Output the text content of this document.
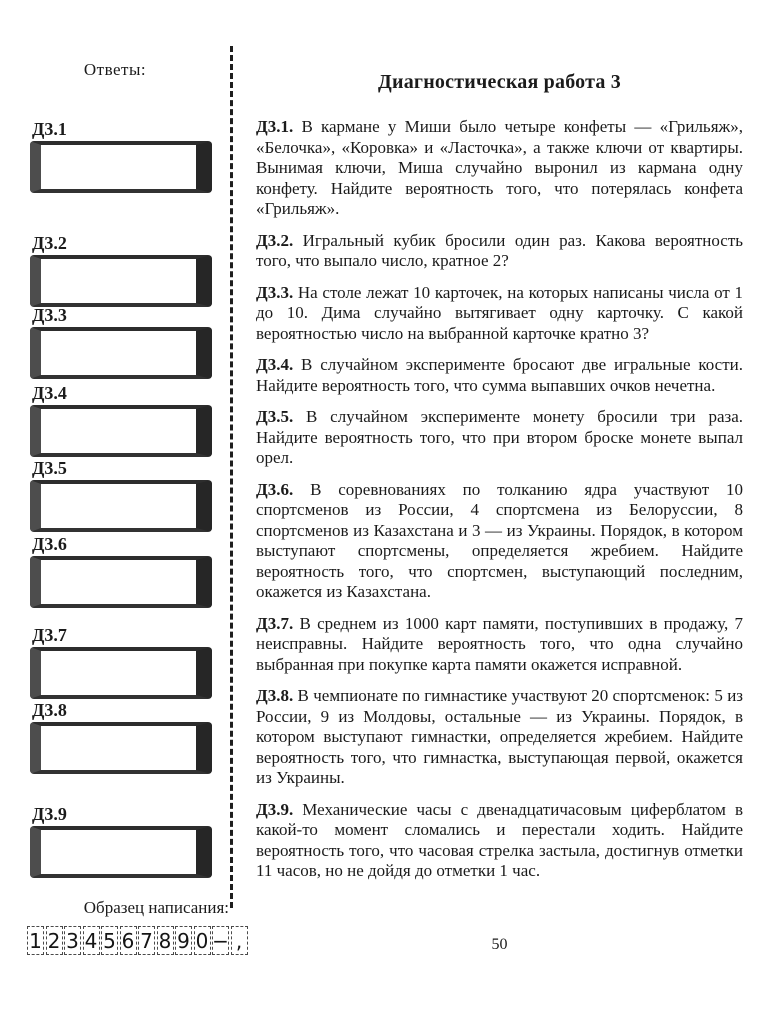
Ответы:
Д3.1
Д3.2
Д3.3
Д3.4
Д3.5
Д3.6
Д3.7
Д3.8
Д3.9
Образец написания:
1 2 3 4 5 6 7 8 9 0 − ,
Диагностическая работа 3

Д3.1. В кармане у Миши было четыре конфеты — «Грильяж», «Белочка», «Коровка» и «Ласточка», а также ключи от квартиры. Вынимая ключи, Миша случайно выронил из кармана одну конфету. Найдите вероятность того, что потерялась конфета «Грильяж».

Д3.2. Игральный кубик бросили один раз. Какова вероятность того, что выпало число, кратное 2?

Д3.3. На столе лежат 10 карточек, на которых написаны числа от 1 до 10. Дима случайно вытягивает одну карточку. С какой вероятностью число на выбранной карточке кратно 3?

Д3.4. В случайном эксперименте бросают две игральные кости. Найдите вероятность того, что сумма выпавших очков нечетна.

Д3.5. В случайном эксперименте монету бросили три раза. Найдите вероятность того, что при втором броске монете выпал орел.

Д3.6. В соревнованиях по толканию ядра участвуют 10 спортсменов из России, 4 спортсмена из Белоруссии, 8 спортсменов из Казахстана и 3 — из Украины. Порядок, в котором выступают спортсмены, определяется жребием. Найдите вероятность того, что спортсмен, выступающий последним, окажется из Казахстана.

Д3.7. В среднем из 1000 карт памяти, поступивших в продажу, 7 неисправны. Найдите вероятность того, что одна случайно выбранная при покупке карта памяти окажется исправной.

Д3.8. В чемпионате по гимнастике участвуют 20 спортсменок: 5 из России, 9 из Молдовы, остальные — из Украины. Порядок, в котором выступают гимнастки, определяется жребием. Найдите вероятность того, что гимнастка, выступающая первой, окажется из Украины.

Д3.9. Механические часы с двенадцатичасовым циферблатом в какой-то момент сломались и перестали ходить. Найдите вероятность того, что часовая стрелка застыла, достигнув отметки 11 часов, но не дойдя до отметки 1 час.

50
